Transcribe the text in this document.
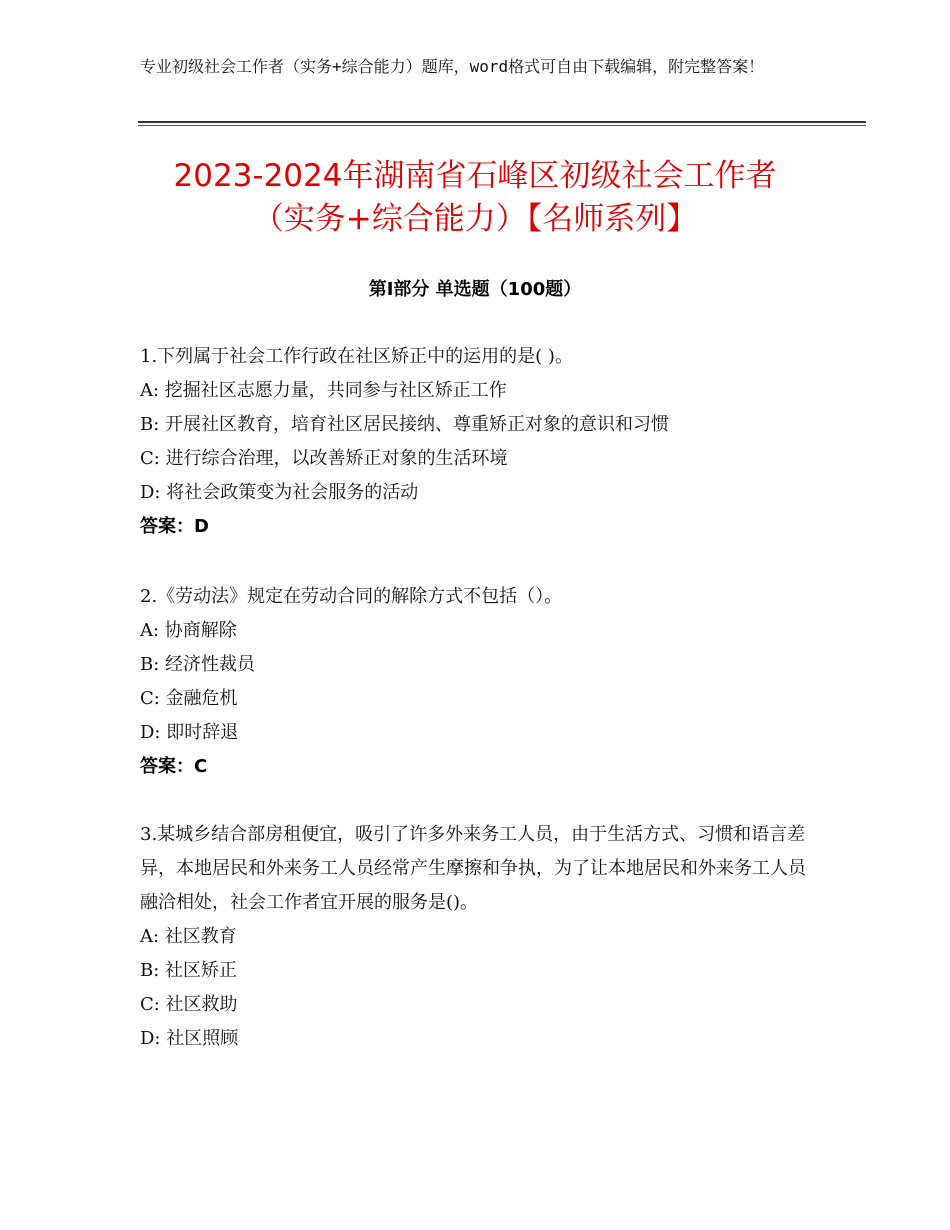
专业初级社会工作者（实务+综合能力）题库，word格式可自由下载编辑，附完整答案！
2023-2024年湖南省石峰区初级社会工作者
（实务+综合能力）【名师系列】
第Ⅰ部分 单选题（100题）

1.下列属于社会工作行政在社区矫正中的运用的是( )。

A: 挖掘社区志愿力量，共同参与社区矫正工作

B: 开展社区教育，培育社区居民接纳、尊重矫正对象的意识和习惯

C: 进行综合治理，以改善矫正对象的生活环境

D: 将社会政策变为社会服务的活动

答案：D

2.《劳动法》规定在劳动合同的解除方式不包括（）。

A: 协商解除

B: 经济性裁员

C: 金融危机

D: 即时辞退

答案：C

3.某城乡结合部房租便宜，吸引了许多外来务工人员，由于生活方式、习惯和语言差异，本地居民和外来务工人员经常产生摩擦和争执，为了让本地居民和外来务工人员融洽相处，社会工作者宜开展的服务是()。

A: 社区教育

B: 社区矫正

C: 社区救助

D: 社区照顾
